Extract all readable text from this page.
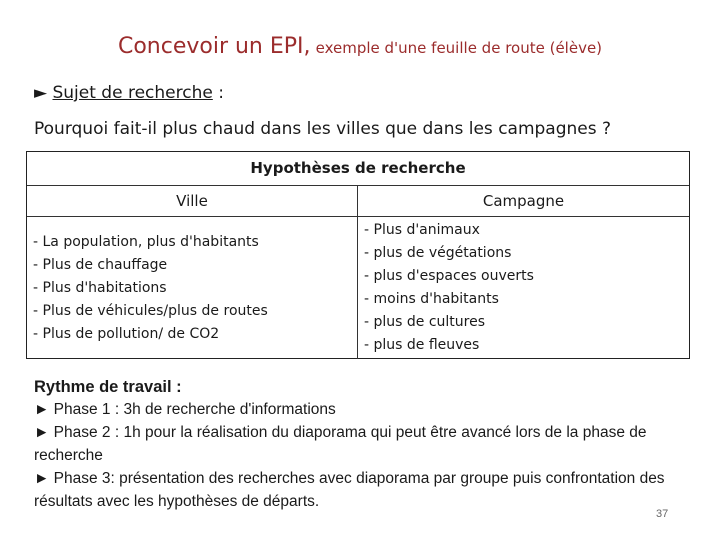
Concevoir un EPI, exemple d'une feuille de route (élève)
► Sujet de recherche :
Pourquoi fait-il plus chaud dans les villes que dans les campagnes ?
Hypothèses de recherche
Ville
- La population, plus d'habitants
- Plus de chauffage
- Plus d'habitations
- Plus de véhicules/plus de routes
- Plus de pollution/ de CO2
Campagne
- Plus d'animaux
- plus de végétations
- plus d'espaces ouverts
- moins d'habitants
- plus de cultures
- plus de fleuves
Rythme de travail :

► Phase 1 : 3h de recherche d'informations

► Phase 2 : 1h pour la réalisation du diaporama qui peut être avancé lors de la phase de recherche

► Phase 3: présentation des recherches avec diaporama par groupe puis confrontation des résultats avec les hypothèses de départs.

37
